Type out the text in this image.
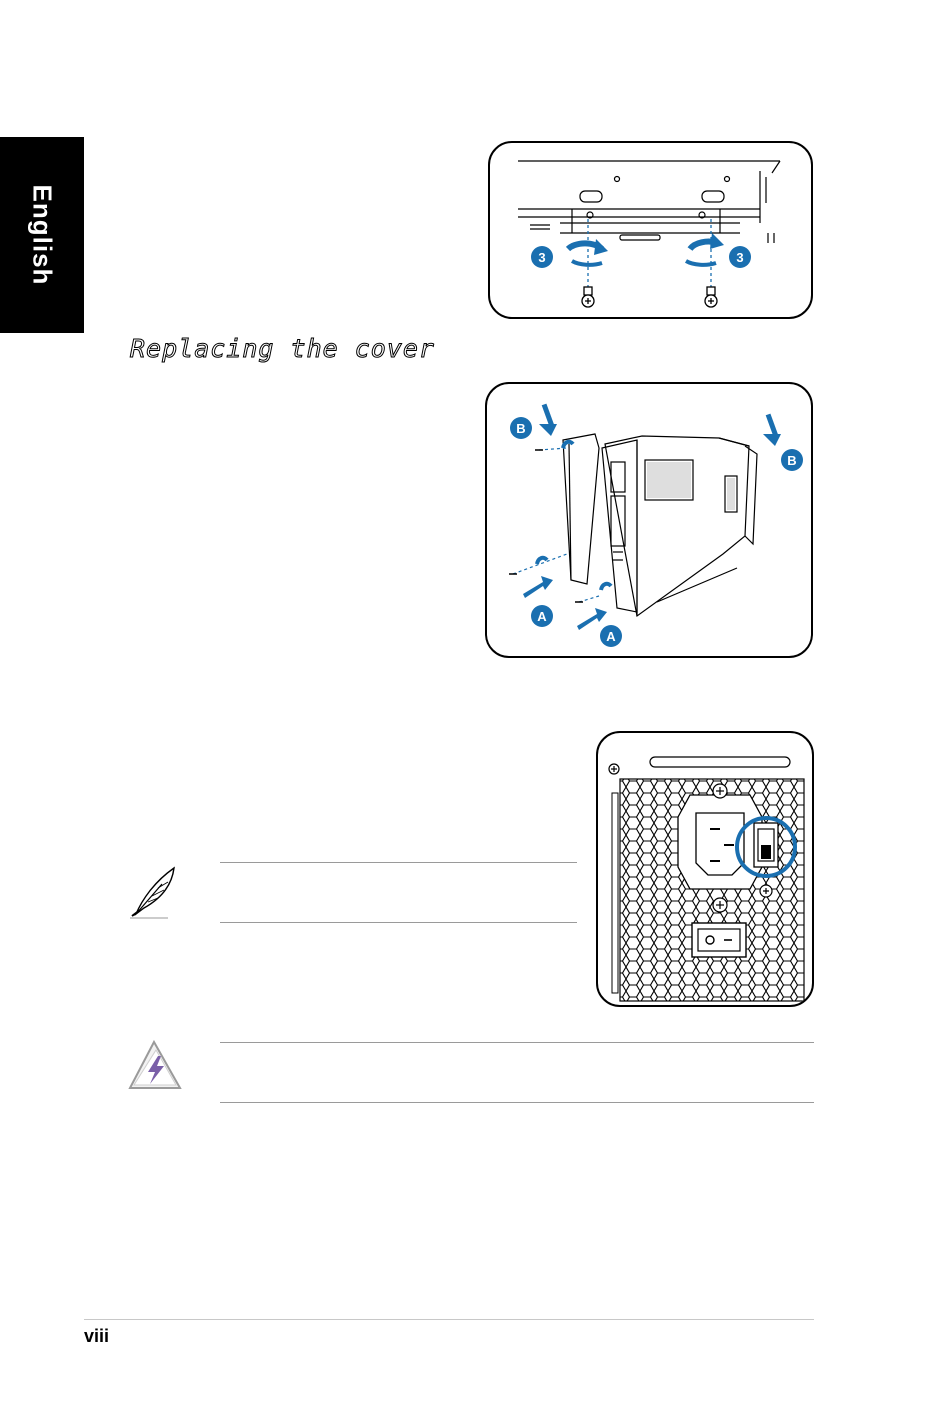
English	3	3
Replacing the cover
B
B
A
A
viii
